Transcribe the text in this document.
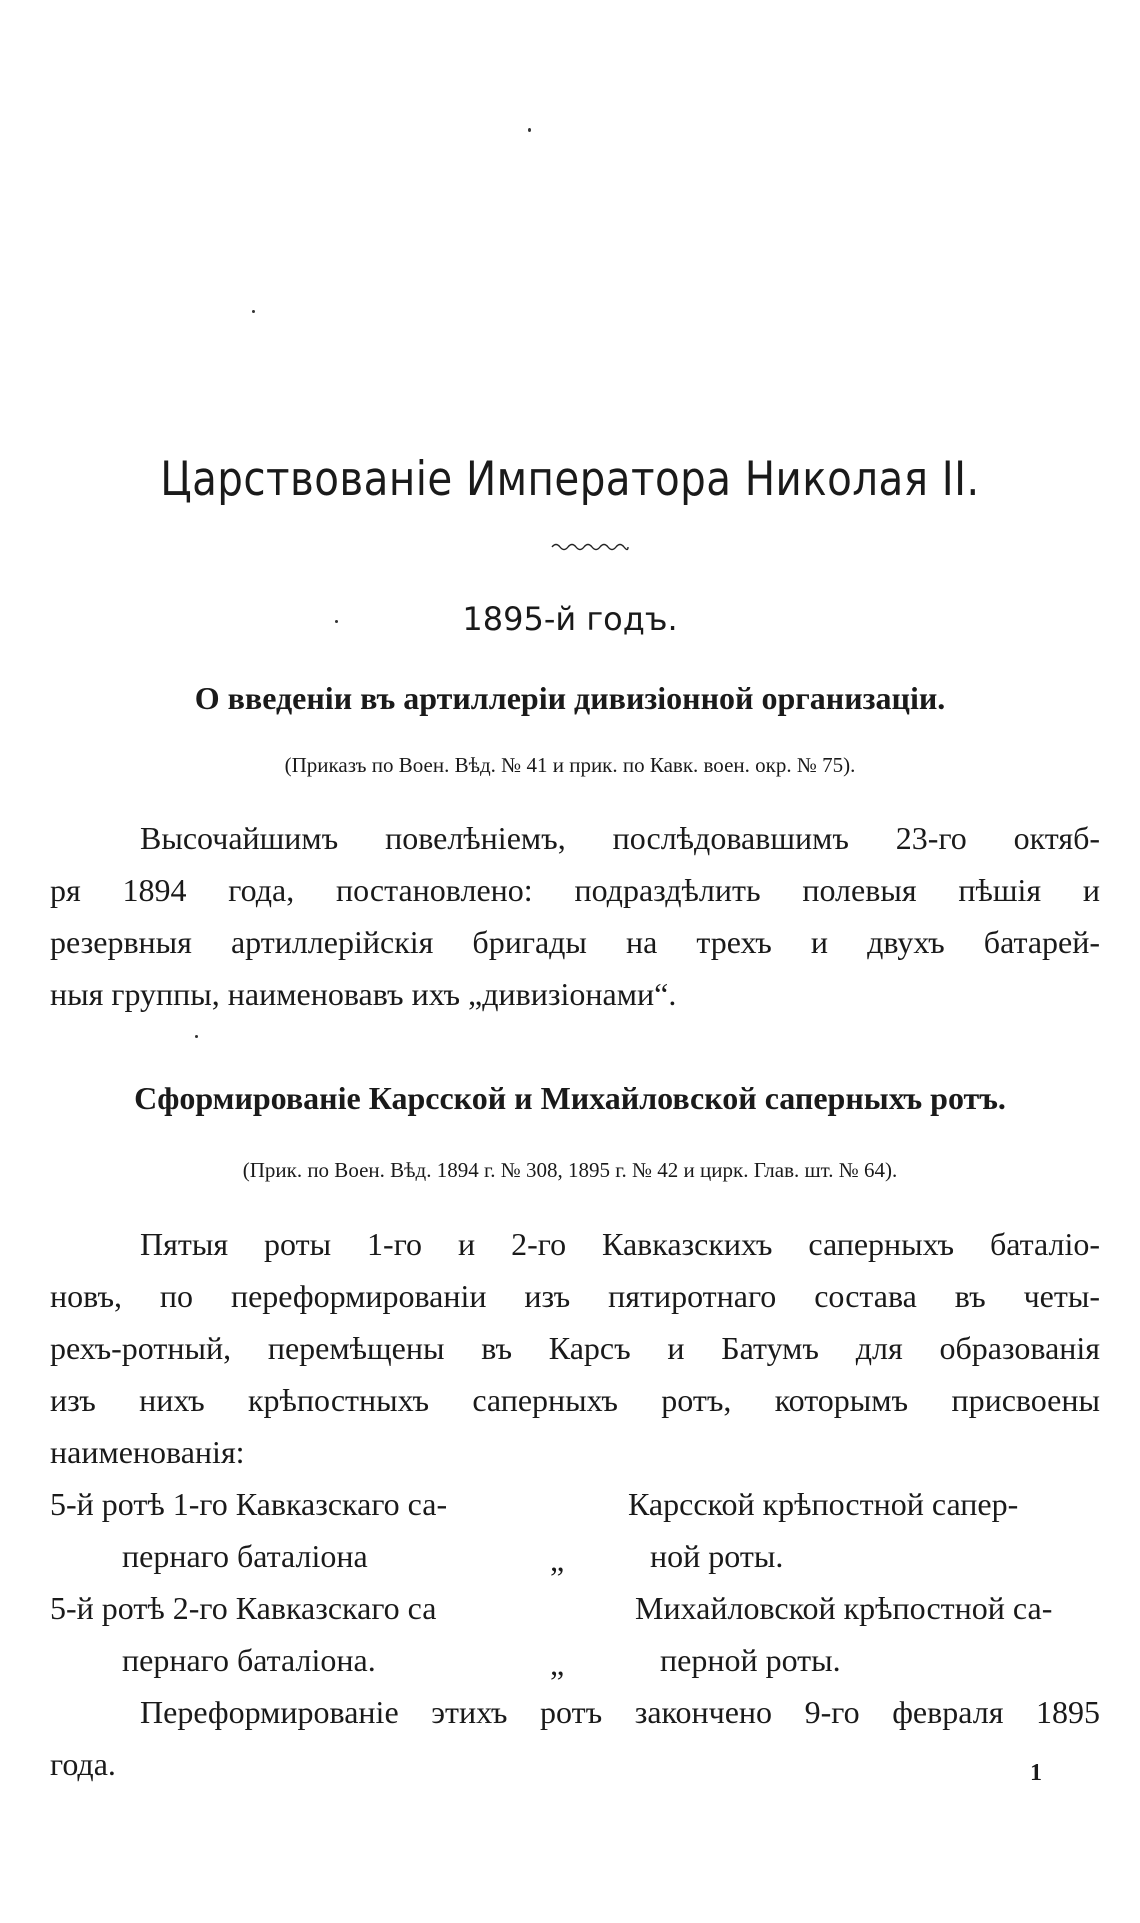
Царствованіе Императора Николая II.
1895-й годъ.
О введеніи въ артиллеріи дивизіонной организаціи.
(Приказъ по Воен. Вѣд. № 41 и прик. по Кавк. воен. окр. № 75).
Высочайшимъ повелѣніемъ, послѣдовавшимъ 23-го октяб-
ря 1894 года, постановлено: подраздѣлить полевыя пѣшія и
резервныя артиллерійскія бригады на трехъ и двухъ батарей-
ныя группы, наименовавъ ихъ „дивизіонами“.
Сформированіе Карсской и Михайловской саперныхъ ротъ.
(Прик. по Воен. Вѣд. 1894 г. № 308, 1895 г. № 42 и цирк. Глав. шт. № 64).
Пятыя роты 1-го и 2-го Кавказскихъ саперныхъ баталіо-
новъ, по переформированіи изъ пятиротнаго состава въ четы-
рехъ-ротный, перемѣщены въ Карсъ и Батумъ для образованія
изъ нихъ крѣпостныхъ саперныхъ ротъ, которымъ присвоены
наименованія:
5-й ротѣ 1-го Кавказскаго са-
пернаго баталіона	„
Карсской крѣпостной сапер-
ной роты.
5-й ротѣ 2-го Кавказскаго са
пернаго баталіона.	„
Михайловской крѣпостной са-
перной роты.
Переформированіе этихъ ротъ закончено 9-го февраля 1895
года.	1
